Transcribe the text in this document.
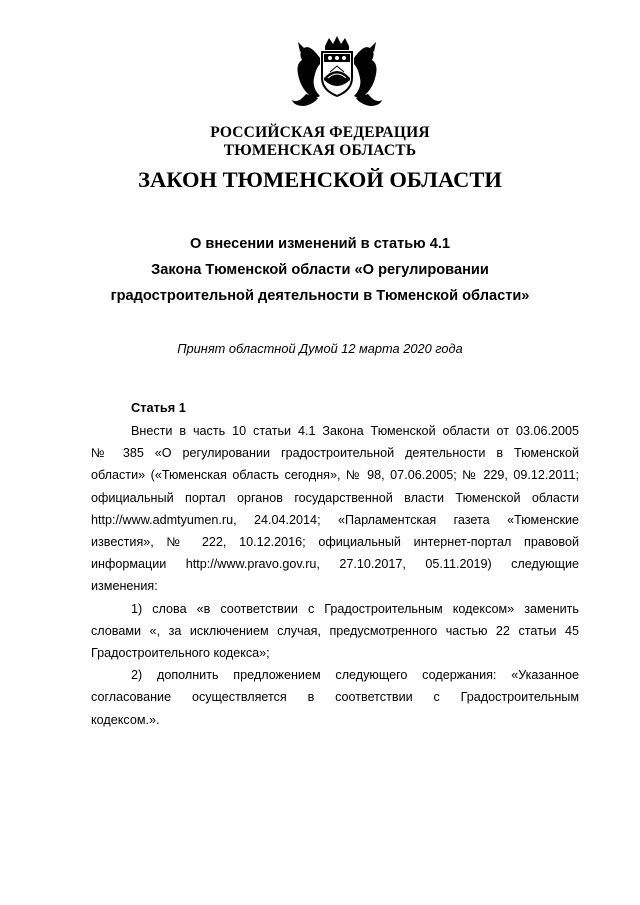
РОССИЙСКАЯ ФЕДЕРАЦИЯ
ТЮМЕНСКАЯ ОБЛАСТЬ
ЗАКОН ТЮМЕНСКОЙ ОБЛАСТИ
О внесении изменений в статью 4.1
Закона Тюменской области «О регулировании
градостроительной деятельности в Тюменской области»
Принят областной Думой 12 марта 2020 года
Статья 1
Внести в часть 10 статьи 4.1 Закона Тюменской области от 03.06.2005
№ 385 «О регулировании градостроительной деятельности в Тюменской
области» («Тюменская область сегодня», № 98, 07.06.2005; № 229, 09.12.2011;
официальный портал органов государственной власти Тюменской области
http://www.admtyumen.ru, 24.04.2014; «Парламентская газета «Тюменские
известия», № 222, 10.12.2016; официальный интернет-портал правовой
информации http://www.pravo.gov.ru, 27.10.2017, 05.11.2019) следующие
изменения:
1) слова «в соответствии с Градостроительным кодексом» заменить
словами «, за исключением случая, предусмотренного частью 22 статьи 45
Градостроительного кодекса»;
2) дополнить предложением следующего содержания: «Указанное
согласование осуществляется в соответствии с Градостроительным
кодексом.».
